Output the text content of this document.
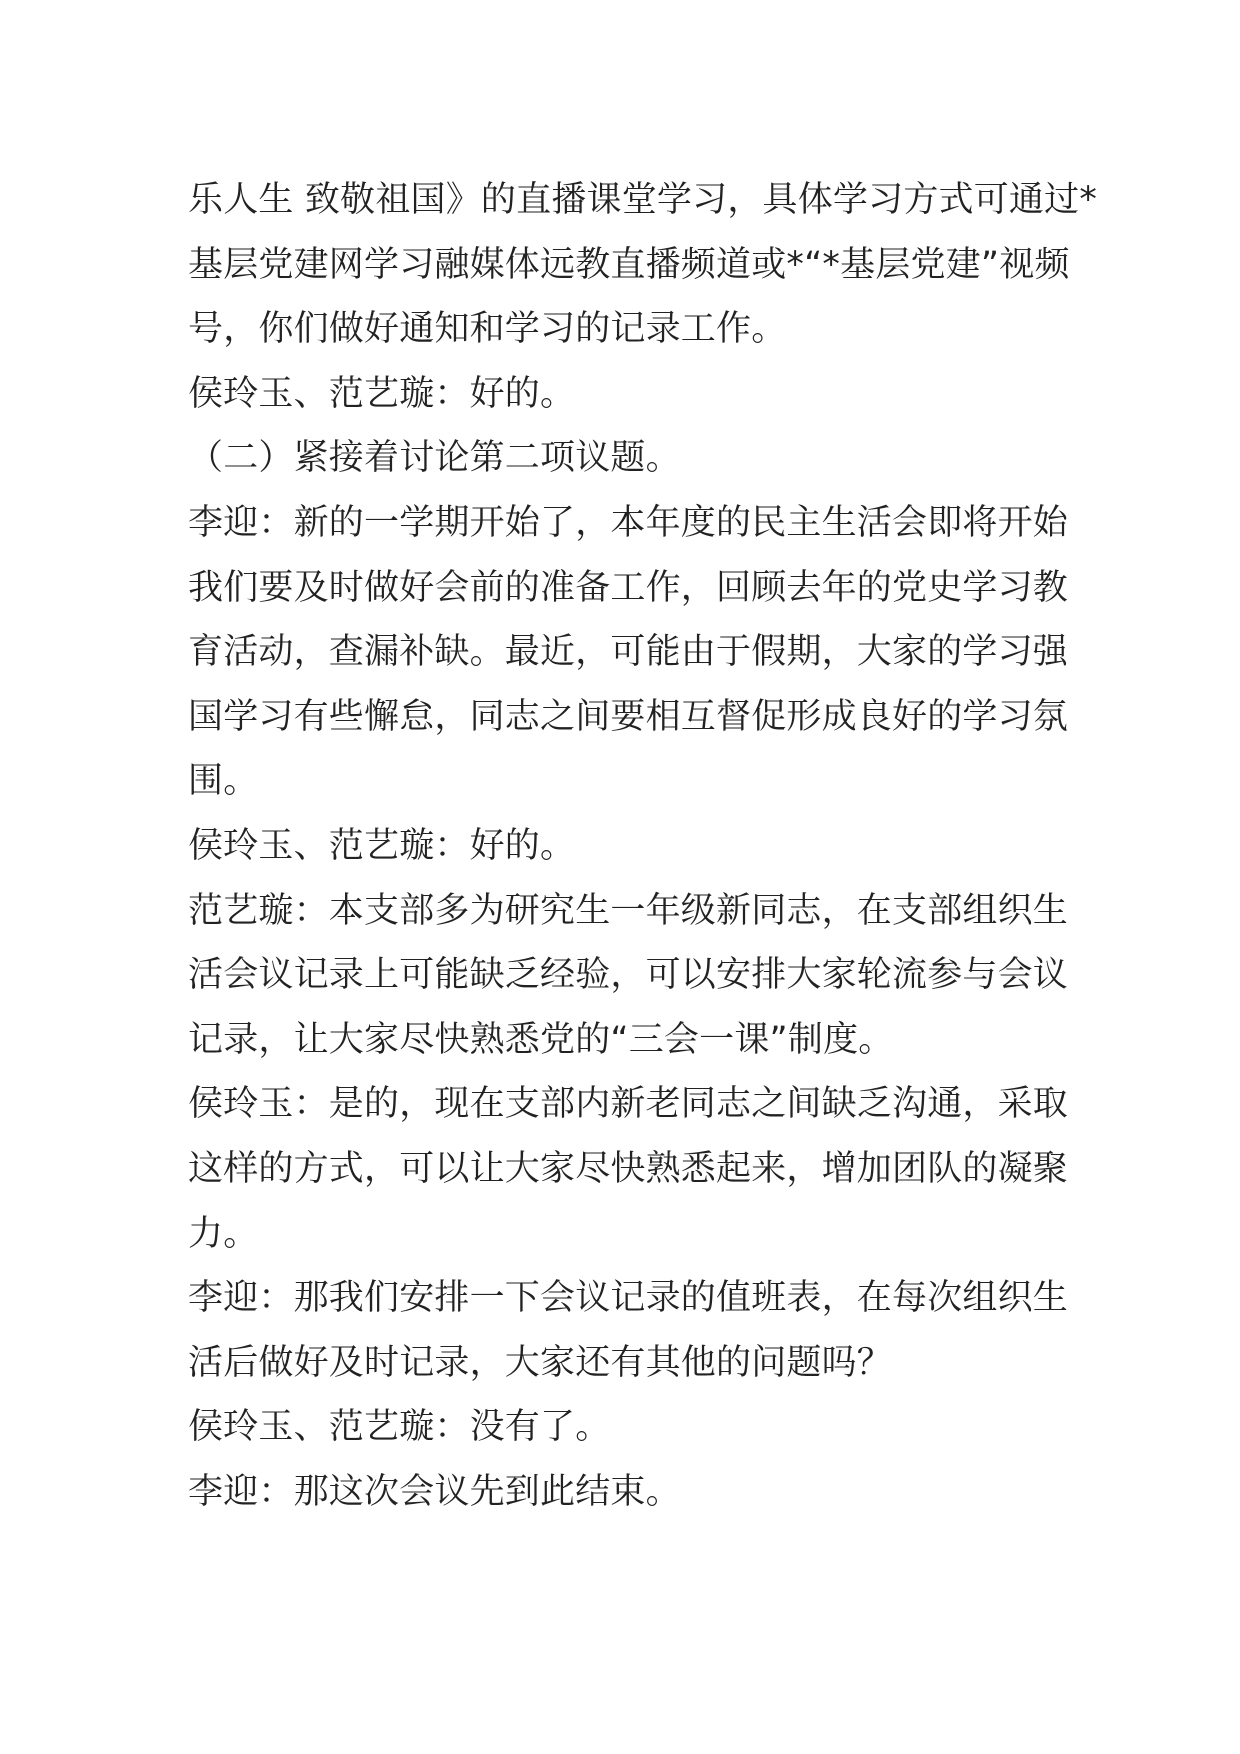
乐人生 致敬祖国》的直播课堂学习，具体学习方式可通过*
基层党建网学习融媒体远教直播频道或*“*基层党建”视频
号，你们做好通知和学习的记录工作。
侯玲玉、范艺璇：好的。
（二）紧接着讨论第二项议题。
李迎：新的一学期开始了，本年度的民主生活会即将开始
我们要及时做好会前的准备工作，回顾去年的党史学习教
育活动，查漏补缺。最近，可能由于假期，大家的学习强
国学习有些懈怠，同志之间要相互督促形成良好的学习氛
围。
侯玲玉、范艺璇：好的。
范艺璇：本支部多为研究生一年级新同志，在支部组织生
活会议记录上可能缺乏经验，可以安排大家轮流参与会议
记录，让大家尽快熟悉党的“三会一课”制度。
侯玲玉：是的，现在支部内新老同志之间缺乏沟通，采取
这样的方式，可以让大家尽快熟悉起来，增加团队的凝聚
力。
李迎：那我们安排一下会议记录的值班表，在每次组织生
活后做好及时记录，大家还有其他的问题吗？
侯玲玉、范艺璇：没有了。
李迎：那这次会议先到此结束。
